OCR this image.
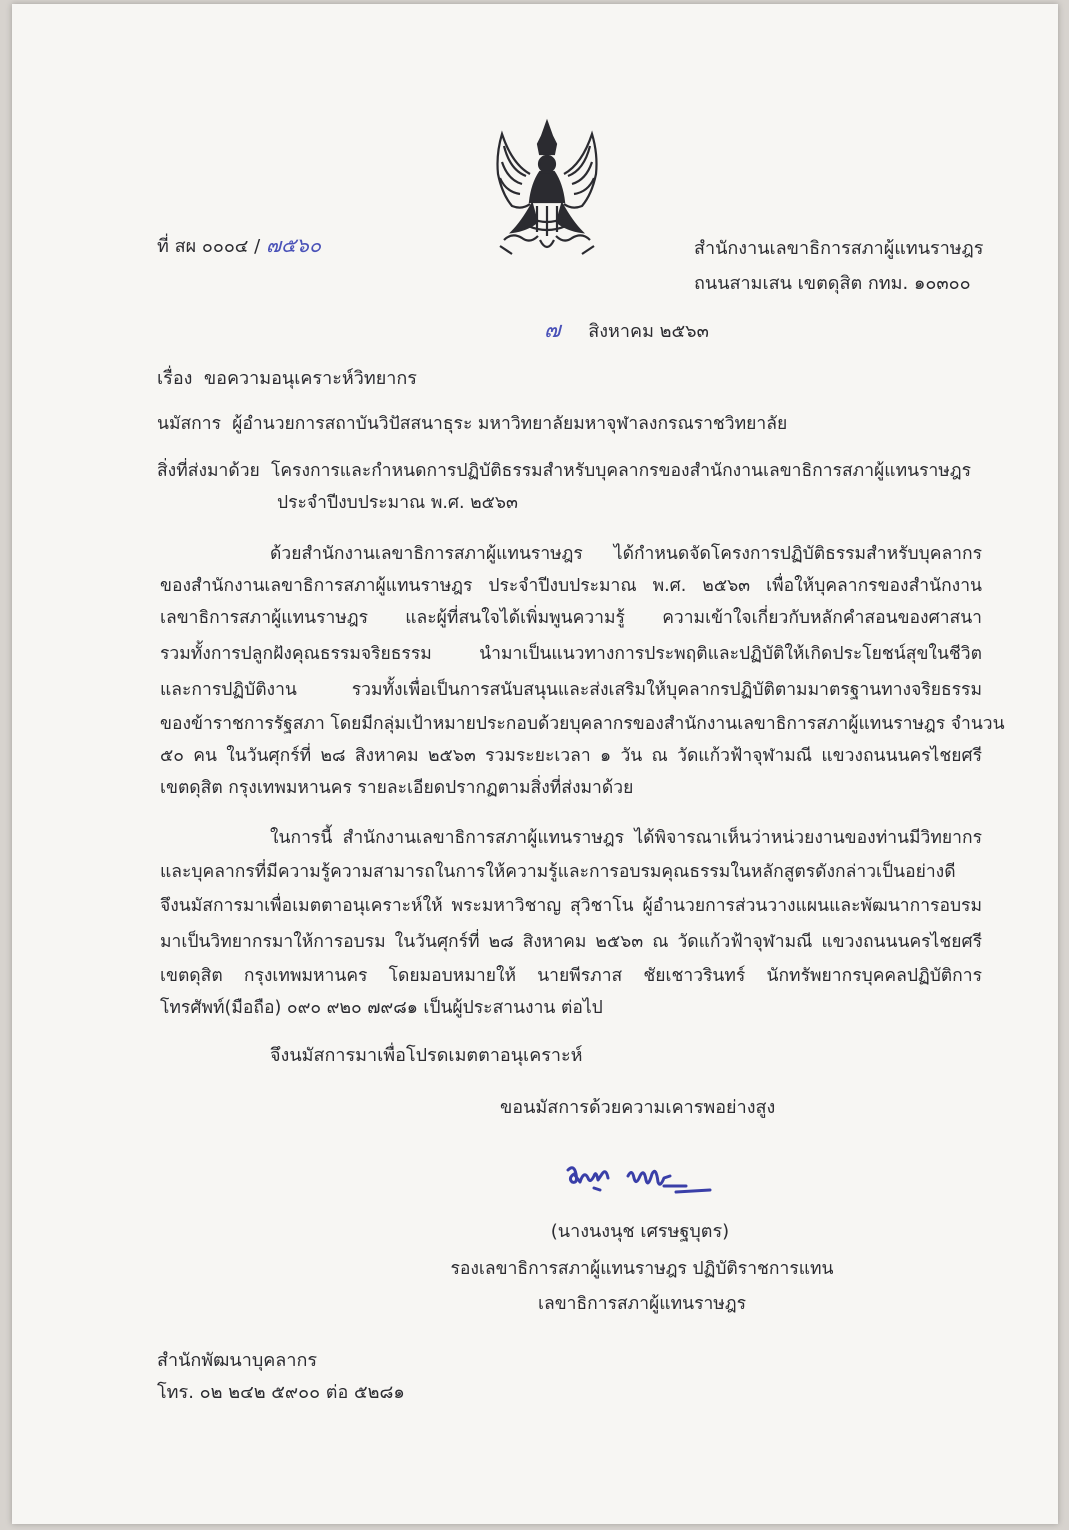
ที่ สผ ๐๐๐๔ / ๗๕๖๐	สำนักงานเลขาธิการสภาผู้แทนราษฎร
ถนนสามเสน เขตดุสิต กทม. ๑๐๓๐๐
๗ สิงหาคม ๒๕๖๓
เรื่อง ขอความอนุเคราะห์วิทยากร
นมัสการ ผู้อำนวยการสถาบันวิปัสสนาธุระ มหาวิทยาลัยมหาจุฬาลงกรณราชวิทยาลัย
สิ่งที่ส่งมาด้วย โครงการและกำหนดการปฏิบัติธรรมสำหรับบุคลากรของสำนักงานเลขาธิการสภาผู้แทนราษฎร
ประจำปีงบประมาณ พ.ศ. ๒๕๖๓
ด้วยสำนักงานเลขาธิการสภาผู้แทนราษฎร ได้กำหนดจัดโครงการปฏิบัติธรรมสำหรับบุคลากร
ของสำนักงานเลขาธิการสภาผู้แทนราษฎร ประจำปีงบประมาณ พ.ศ. ๒๕๖๓ เพื่อให้บุคลากรของสำนักงาน
เลขาธิการสภาผู้แทนราษฎร และผู้ที่สนใจได้เพิ่มพูนความรู้ ความเข้าใจเกี่ยวกับหลักคำสอนของศาสนา
รวมทั้งการปลูกฝังคุณธรรมจริยธรรม นำมาเป็นแนวทางการประพฤติและปฏิบัติให้เกิดประโยชน์สุขในชีวิต
และการปฏิบัติงาน รวมทั้งเพื่อเป็นการสนับสนุนและส่งเสริมให้บุคลากรปฏิบัติตามมาตรฐานทางจริยธรรม
ของข้าราชการรัฐสภา โดยมีกลุ่มเป้าหมายประกอบด้วยบุคลากรของสำนักงานเลขาธิการสภาผู้แทนราษฎร จำนวน
๕๐ คน ในวันศุกร์ที่ ๒๘ สิงหาคม ๒๕๖๓ รวมระยะเวลา ๑ วัน ณ วัดแก้วฟ้าจุฬามณี แขวงถนนนครไชยศรี
เขตดุสิต กรุงเทพมหานคร รายละเอียดปรากฏตามสิ่งที่ส่งมาด้วย
ในการนี้ สำนักงานเลขาธิการสภาผู้แทนราษฎร ได้พิจารณาเห็นว่าหน่วยงานของท่านมีวิทยากร
และบุคลากรที่มีความรู้ความสามารถในการให้ความรู้และการอบรมคุณธรรมในหลักสูตรดังกล่าวเป็นอย่างดี
จึงนมัสการมาเพื่อเมตตาอนุเคราะห์ให้ พระมหาวิชาญ สุวิชาโน ผู้อำนวยการส่วนวางแผนและพัฒนาการอบรม
มาเป็นวิทยากรมาให้การอบรม ในวันศุกร์ที่ ๒๘ สิงหาคม ๒๕๖๓ ณ วัดแก้วฟ้าจุฬามณี แขวงถนนนครไชยศรี
เขตดุสิต กรุงเทพมหานคร โดยมอบหมายให้ นายพีรภาส ชัยเชาวรินทร์ นักทรัพยากรบุคคลปฏิบัติการ
โทรศัพท์(มือถือ) ๐๙๐ ๙๒๐ ๗๙๘๑ เป็นผู้ประสานงาน ต่อไป
จึงนมัสการมาเพื่อโปรดเมตตาอนุเคราะห์
ขอนมัสการด้วยความเคารพอย่างสูง
(นางนงนุช เศรษฐบุตร)
รองเลขาธิการสภาผู้แทนราษฎร ปฏิบัติราชการแทน
เลขาธิการสภาผู้แทนราษฎร
สำนักพัฒนาบุคลากร
โทร. ๐๒ ๒๔๒ ๕๙๐๐ ต่อ ๕๒๘๑
